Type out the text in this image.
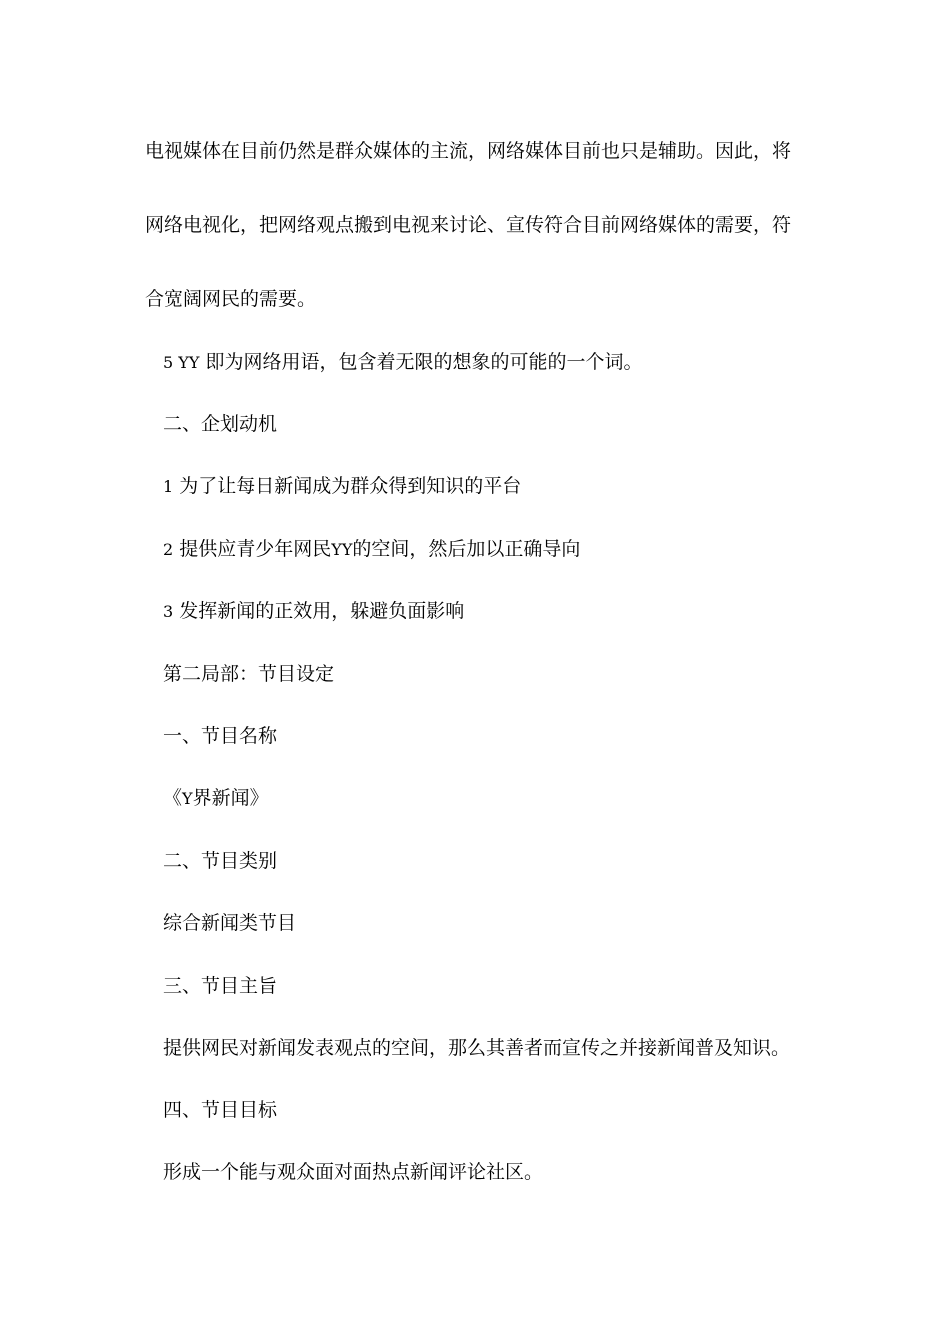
电视媒体在目前仍然是群众媒体的主流，网络媒体目前也只是辅助。因此，将网络电视化，把网络观点搬到电视来讨论、宣传符合目前网络媒体的需要，符合宽阔网民的需要。

5 YY 即为网络用语，包含着无限的想象的可能的一个词。

二、企划动机

1 为了让每日新闻成为群众得到知识的平台

2 提供应青少年网民YY的空间，然后加以正确导向

3 发挥新闻的正效用，躲避负面影响

第二局部：节目设定

一、节目名称

《Y界新闻》

二、节目类别

综合新闻类节目

三、节目主旨

提供网民对新闻发表观点的空间，那么其善者而宣传之并接新闻普及知识。

四、节目目标

形成一个能与观众面对面热点新闻评论社区。
